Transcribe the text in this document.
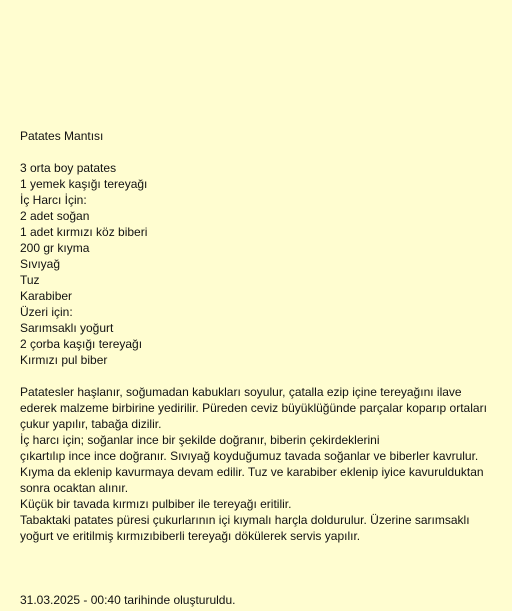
Patates Mantısı
3 orta boy patates
1 yemek kaşığı tereyağı
İç Harcı İçin:
2 adet soğan
1 adet kırmızı köz biberi
200 gr kıyma
Sıvıyağ
Tuz
Karabiber
Üzeri için:
Sarımsaklı yoğurt
2 çorba kaşığı tereyağı
Kırmızı pul biber

Patatesler haşlanır, soğumadan kabukları soyulur, çatalla ezip içine tereyağını ilave ederek malzeme birbirine yedirilir. Püreden ceviz büyüklüğünde parçalar koparıp ortaları çukur yapılır, tabağa dizilir.

İç harcı için; soğanlar ince bir şekilde doğranır, biberin çekirdeklerini

çıkartılıp ince ince doğranır. Sıvıyağ koyduğumuz tavada soğanlar ve biberler kavrulur. Kıyma da eklenip kavurmaya devam edilir. Tuz ve karabiber eklenip iyice kavurulduktan sonra ocaktan alınır.

Küçük bir tavada kırmızı pulbiber ile tereyağı eritilir.

Tabaktaki patates püresi çukurlarının içi kıymalı harçla doldurulur. Üzerine sarımsaklı yoğurt ve eritilmiş kırmızıbiberli tereyağı dökülerek servis yapılır.

31.03.2025 - 00:40 tarihinde oluşturuldu.
